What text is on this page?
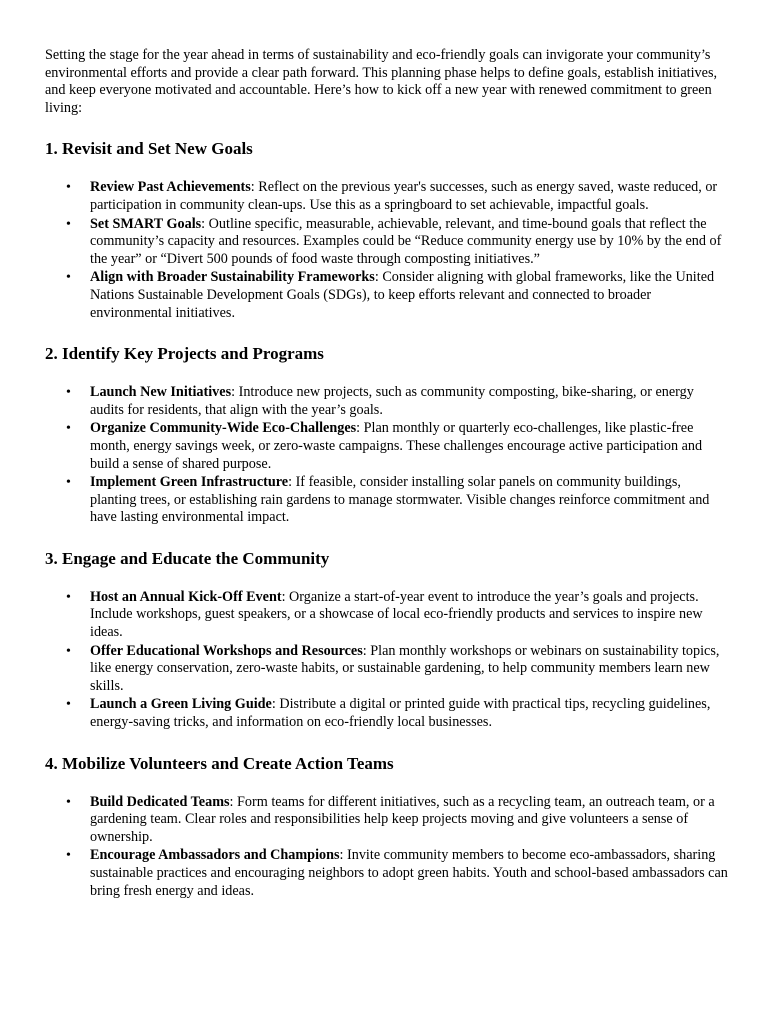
Setting the stage for the year ahead in terms of sustainability and eco-friendly goals can invigorate your community’s environmental efforts and provide a clear path forward. This planning phase helps to define goals, establish initiatives, and keep everyone motivated and accountable. Here’s how to kick off a new year with renewed commitment to green living:

1. Revisit and Set New Goals
• Review Past Achievements: Reflect on the previous year's successes, such as energy saved, waste reduced, or participation in community clean-ups. Use this as a springboard to set achievable, impactful goals.
• Set SMART Goals: Outline specific, measurable, achievable, relevant, and time-bound goals that reflect the community’s capacity and resources. Examples could be “Reduce community energy use by 10% by the end of the year” or “Divert 500 pounds of food waste through composting initiatives.”
• Align with Broader Sustainability Frameworks: Consider aligning with global frameworks, like the United Nations Sustainable Development Goals (SDGs), to keep efforts relevant and connected to broader environmental initiatives.
2. Identify Key Projects and Programs
• Launch New Initiatives: Introduce new projects, such as community composting, bike-sharing, or energy audits for residents, that align with the year’s goals.
• Organize Community-Wide Eco-Challenges: Plan monthly or quarterly eco-challenges, like plastic-free month, energy savings week, or zero-waste campaigns. These challenges encourage active participation and build a sense of shared purpose.
• Implement Green Infrastructure: If feasible, consider installing solar panels on community buildings, planting trees, or establishing rain gardens to manage stormwater. Visible changes reinforce commitment and have lasting environmental impact.
3. Engage and Educate the Community
• Host an Annual Kick-Off Event: Organize a start-of-year event to introduce the year’s goals and projects. Include workshops, guest speakers, or a showcase of local eco-friendly products and services to inspire new ideas.
• Offer Educational Workshops and Resources: Plan monthly workshops or webinars on sustainability topics, like energy conservation, zero-waste habits, or sustainable gardening, to help community members learn new skills.
• Launch a Green Living Guide: Distribute a digital or printed guide with practical tips, recycling guidelines, energy-saving tricks, and information on eco-friendly local businesses.
4. Mobilize Volunteers and Create Action Teams
• Build Dedicated Teams: Form teams for different initiatives, such as a recycling team, an outreach team, or a gardening team. Clear roles and responsibilities help keep projects moving and give volunteers a sense of ownership.
• Encourage Ambassadors and Champions: Invite community members to become eco-ambassadors, sharing sustainable practices and encouraging neighbors to adopt green habits. Youth and school-based ambassadors can bring fresh energy and ideas.
